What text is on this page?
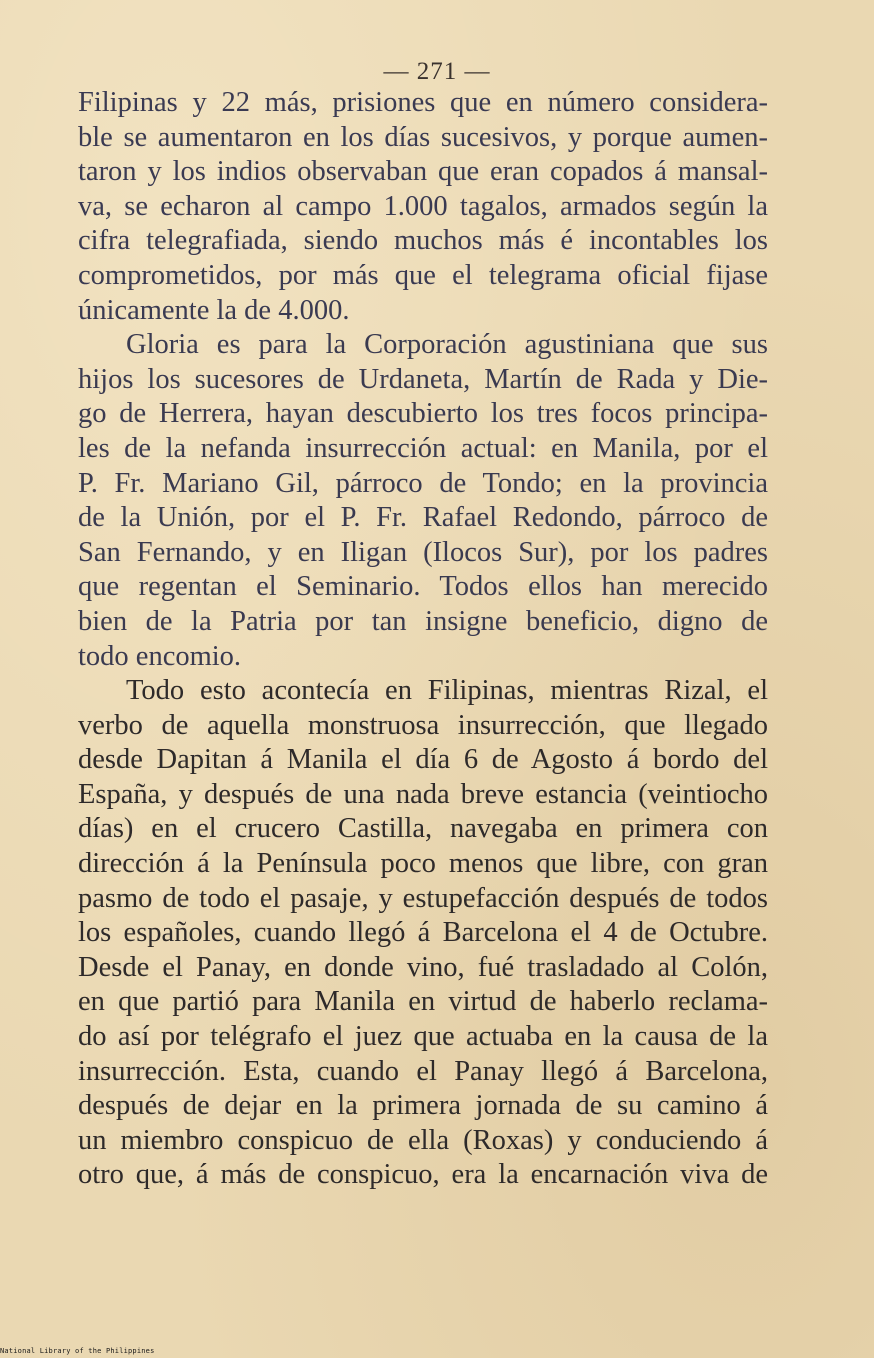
— 271 —

Filipinas y 22 más, prisiones que en número considera-
ble se aumentaron en los días sucesivos, y porque aumen-
taron y los indios observaban que eran copados á mansal-
va, se echaron al campo 1.000 tagalos, armados según la
cifra telegrafiada, siendo muchos más é incontables los
comprometidos, por más que el telegrama oficial fijase
únicamente la de 4.000.

Gloria es para la Corporación agustiniana que sus
hijos los sucesores de Urdaneta, Martín de Rada y Die-
go de Herrera, hayan descubierto los tres focos principa-
les de la nefanda insurrección actual: en Manila, por el
P. Fr. Mariano Gil, párroco de Tondo; en la provincia
de la Unión, por el P. Fr. Rafael Redondo, párroco de
San Fernando, y en Iligan (Ilocos Sur), por los padres
que regentan el Seminario. Todos ellos han merecido
bien de la Patria por tan insigne beneficio, digno de
todo encomio.

Todo esto acontecía en Filipinas, mientras Rizal, el
verbo de aquella monstruosa insurrección, que llegado
desde Dapitan á Manila el día 6 de Agosto á bordo del
España, y después de una nada breve estancia (veintiocho
días) en el crucero Castilla, navegaba en primera con
dirección á la Península poco menos que libre, con gran
pasmo de todo el pasaje, y estupefacción después de todos
los españoles, cuando llegó á Barcelona el 4 de Octubre.
Desde el Panay, en donde vino, fué trasladado al Colón,
en que partió para Manila en virtud de haberlo reclama-
do así por telégrafo el juez que actuaba en la causa de la
insurrección. Esta, cuando el Panay llegó á Barcelona,
después de dejar en la primera jornada de su camino á
un miembro conspicuo de ella (Roxas) y conduciendo á
otro que, á más de conspicuo, era la encarnación viva de

National Library of the Philippines
